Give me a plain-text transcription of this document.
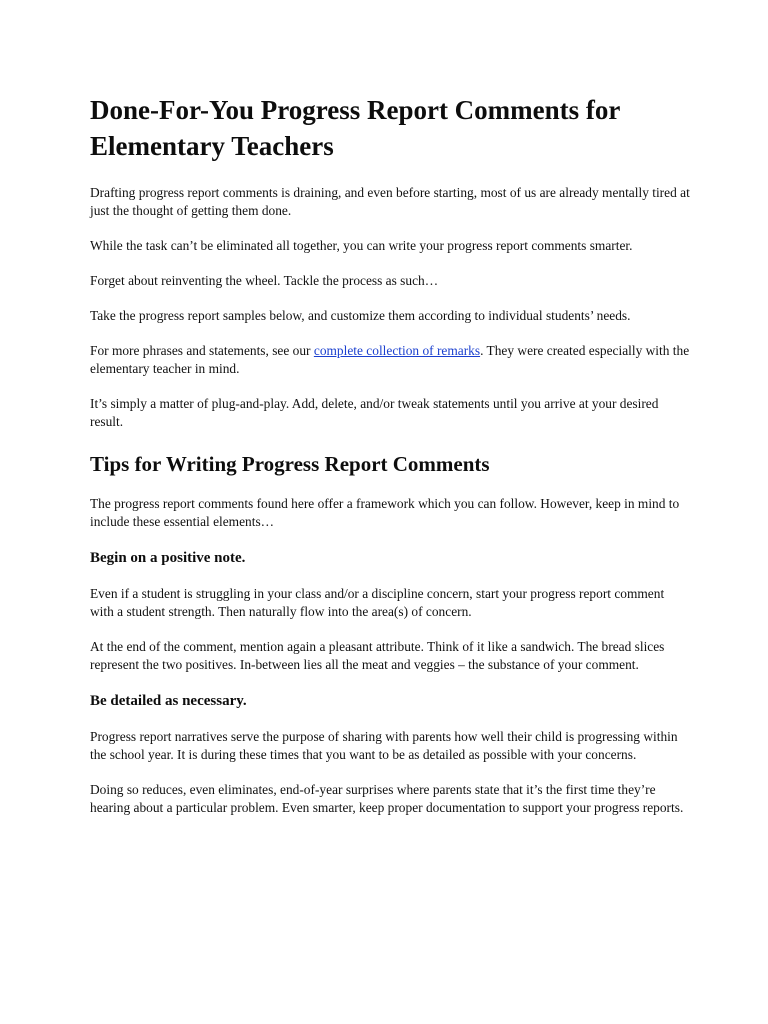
Done-For-You Progress Report Comments for Elementary Teachers

Drafting progress report comments is draining, and even before starting, most of us are already mentally tired at just the thought of getting them done.

While the task can’t be eliminated all together, you can write your progress report comments smarter.

Forget about reinventing the wheel. Tackle the process as such…

Take the progress report samples below, and customize them according to individual students’ needs.

For more phrases and statements, see our complete collection of remarks. They were created especially with the elementary teacher in mind.

It’s simply a matter of plug-and-play. Add, delete, and/or tweak statements until you arrive at your desired result.

Tips for Writing Progress Report Comments

The progress report comments found here offer a framework which you can follow. However, keep in mind to include these essential elements…

Begin on a positive note.

Even if a student is struggling in your class and/or a discipline concern, start your progress report comment with a student strength. Then naturally flow into the area(s) of concern.

At the end of the comment, mention again a pleasant attribute. Think of it like a sandwich. The bread slices represent the two positives. In-between lies all the meat and veggies – the substance of your comment.

Be detailed as necessary.

Progress report narratives serve the purpose of sharing with parents how well their child is progressing within the school year. It is during these times that you want to be as detailed as possible with your concerns.

Doing so reduces, even eliminates, end-of-year surprises where parents state that it’s the first time they’re hearing about a particular problem. Even smarter, keep proper documentation to support your progress reports.
